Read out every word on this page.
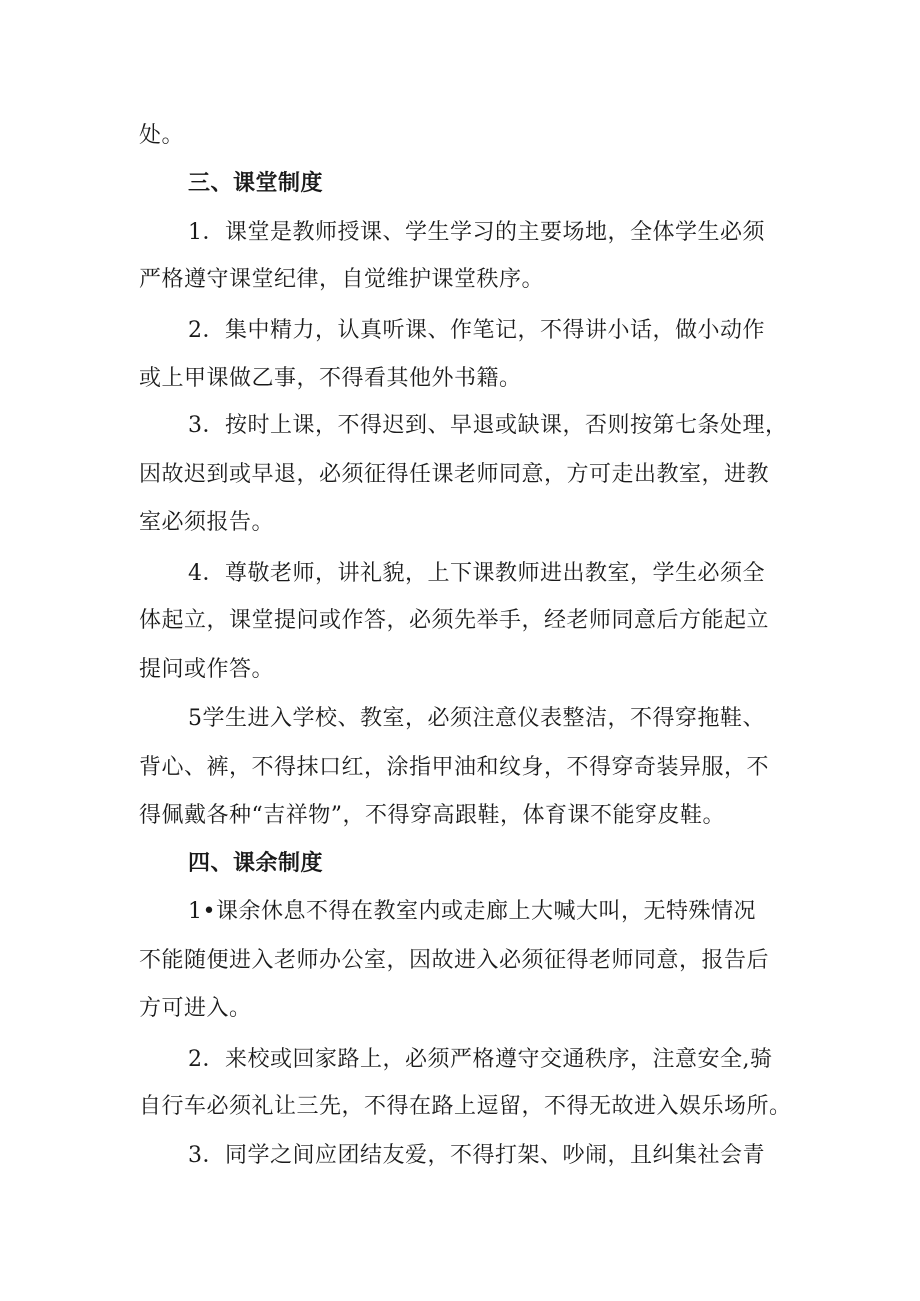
处。
三、课堂制度
1．课堂是教师授课、学生学习的主要场地，全体学生必须
严格遵守课堂纪律，自觉维护课堂秩序。
2．集中精力，认真听课、作笔记，不得讲小话，做小动作
或上甲课做乙事，不得看其他外书籍。
3．按时上课，不得迟到、早退或缺课，否则按第七条处理，
因故迟到或早退，必须征得任课老师同意，方可走出教室，进教
室必须报告。
4．尊敬老师，讲礼貌，上下课教师进出教室，学生必须全
体起立，课堂提问或作答，必须先举手，经老师同意后方能起立
提问或作答。
5学生进入学校、教室，必须注意仪表整洁，不得穿拖鞋、
背心、裤，不得抹口红，涂指甲油和纹身，不得穿奇装异服，不
得佩戴各种“吉祥物”，不得穿高跟鞋，体育课不能穿皮鞋。
四、课余制度
1•课余休息不得在教室内或走廊上大喊大叫，无特殊情况
不能随便进入老师办公室，因故进入必须征得老师同意，报告后
方可进入。
2．来校或回家路上，必须严格遵守交通秩序，注意安全,骑
自行车必须礼让三先，不得在路上逗留，不得无故进入娱乐场所。
3．同学之间应团结友爱，不得打架、吵闹，且纠集社会青
